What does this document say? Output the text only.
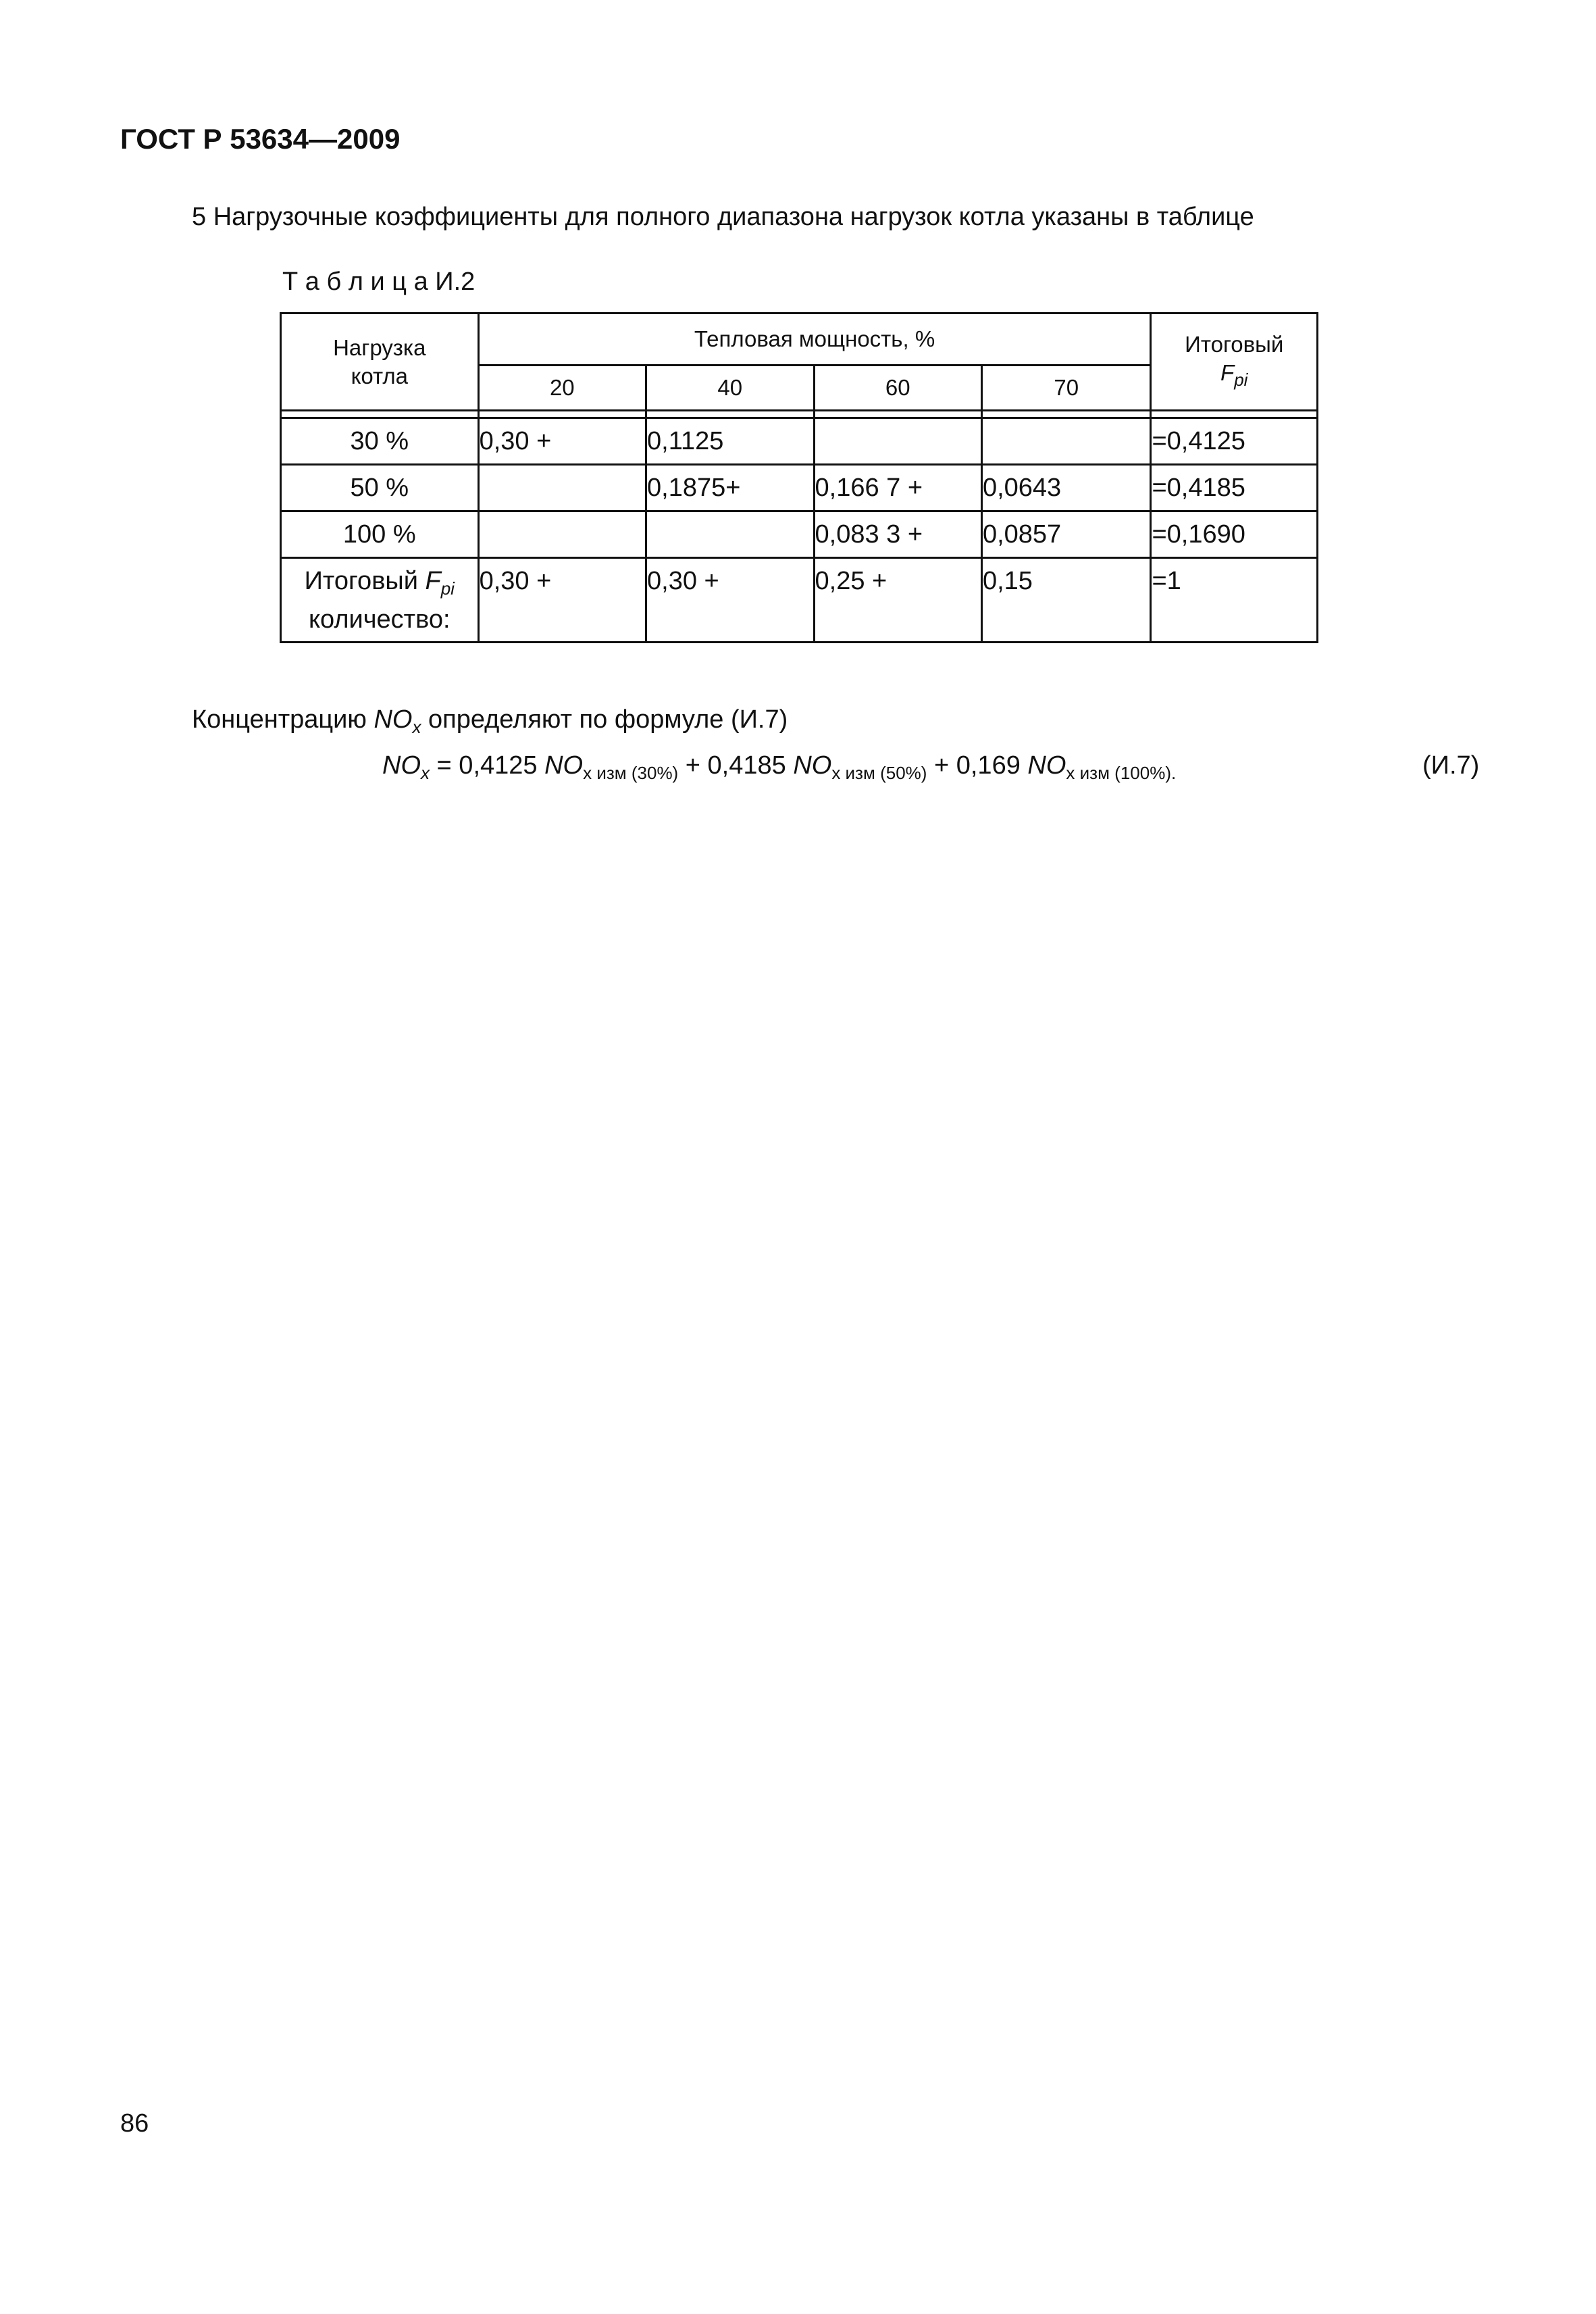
ГОСТ Р 53634—2009
5 Нагрузочные коэффициенты для полного диапазона нагрузок котла указаны в таблице
Т а б л и ц а И.2
Нагрузка
котла	Тепловая мощность, %				Итоговый
$F_{pi}$
	20	40	60	70	

30 %	0,30 +	0,1125			=0,4125
50 %		0,1875+	0,166 7 +	0,0643	=0,4185
100 %			0,083 3 +	0,0857	=0,1690
Итоговый $F_{pi}$
количество:	0,30 +	0,30 +	0,25 +	0,15	=1
Концентрацию $NO_x$ определяют по формуле (И.7)
$NO_x = 0,4125$ $NO_{x изм (30\%)} + 0,4185$ $NO_{x изм (50\%)} + 0,169$ $NO_{x изм (100\%).}$	(И.7)
86
